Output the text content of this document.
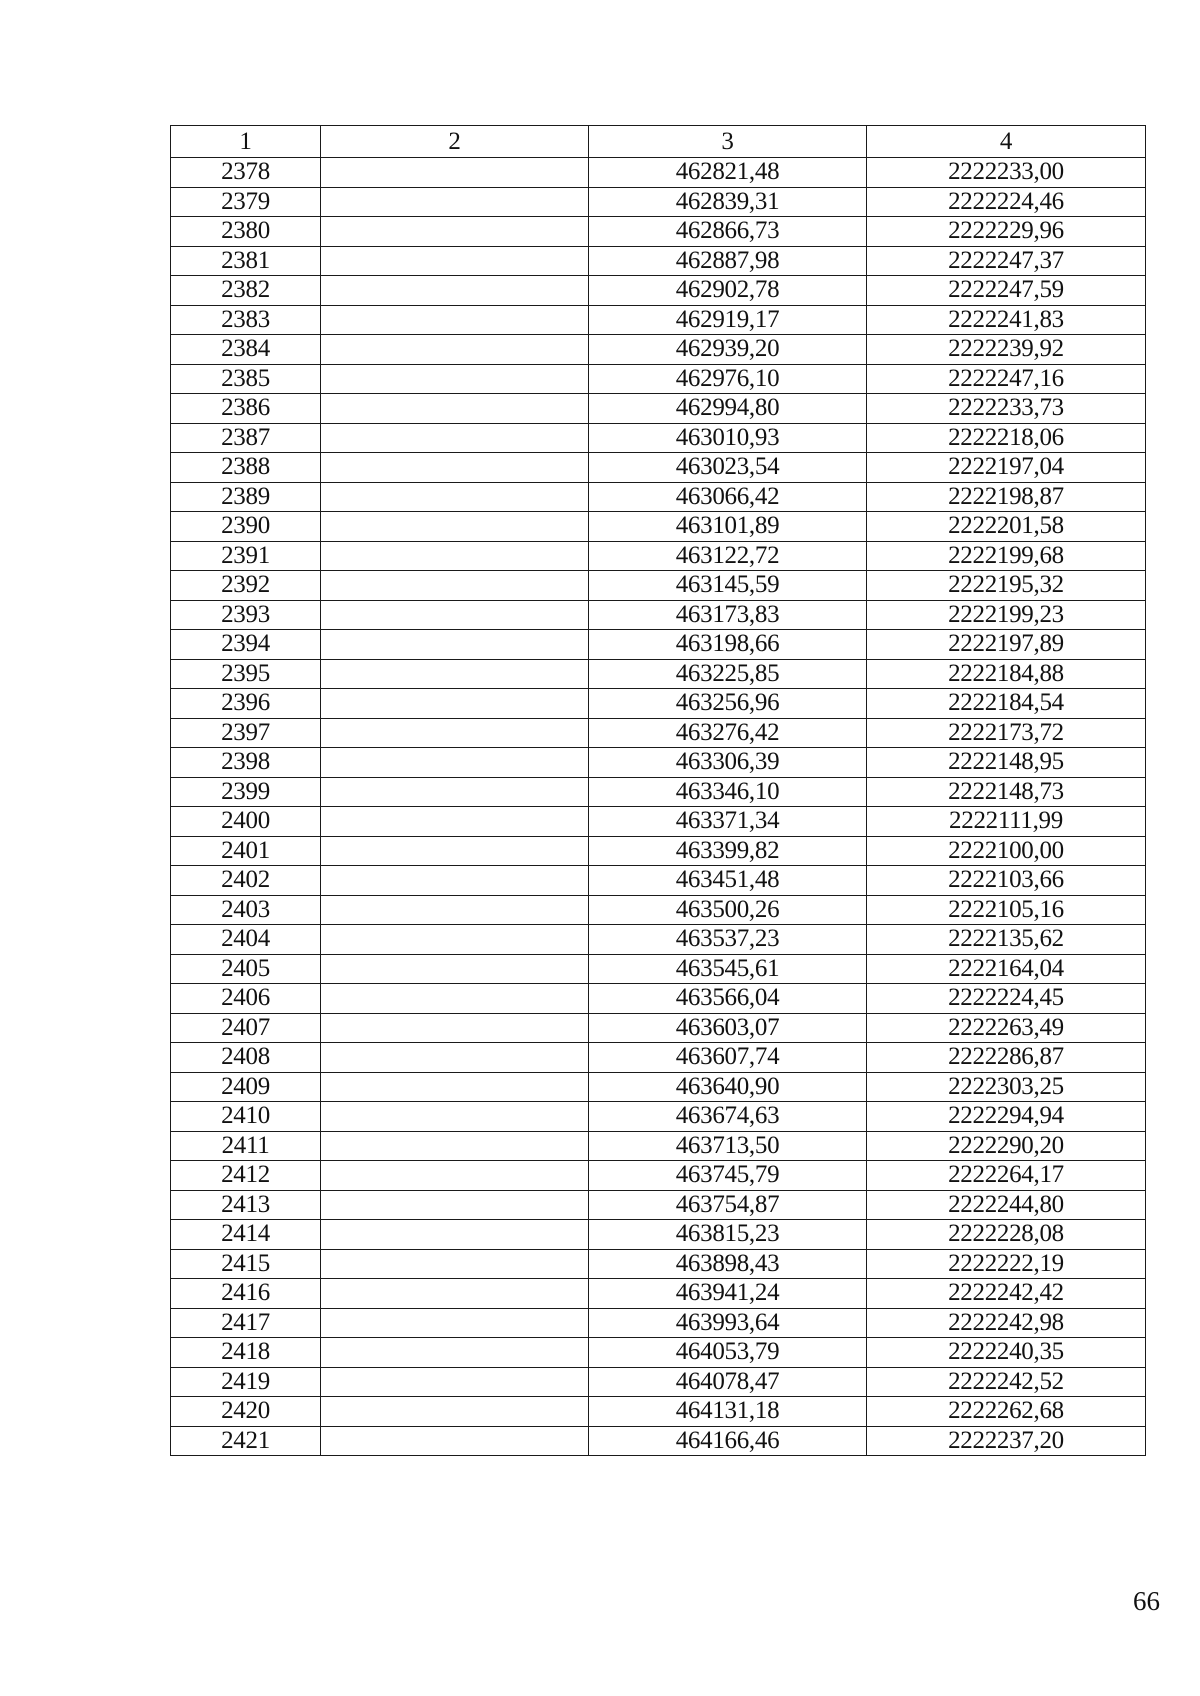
1	2	3	4
2378		462821,48	2222233,00
2379		462839,31	2222224,46
2380		462866,73	2222229,96
2381		462887,98	2222247,37
2382		462902,78	2222247,59
2383		462919,17	2222241,83
2384		462939,20	2222239,92
2385		462976,10	2222247,16
2386		462994,80	2222233,73
2387		463010,93	2222218,06
2388		463023,54	2222197,04
2389		463066,42	2222198,87
2390		463101,89	2222201,58
2391		463122,72	2222199,68
2392		463145,59	2222195,32
2393		463173,83	2222199,23
2394		463198,66	2222197,89
2395		463225,85	2222184,88
2396		463256,96	2222184,54
2397		463276,42	2222173,72
2398		463306,39	2222148,95
2399		463346,10	2222148,73
2400		463371,34	2222111,99
2401		463399,82	2222100,00
2402		463451,48	2222103,66
2403		463500,26	2222105,16
2404		463537,23	2222135,62
2405		463545,61	2222164,04
2406		463566,04	2222224,45
2407		463603,07	2222263,49
2408		463607,74	2222286,87
2409		463640,90	2222303,25
2410		463674,63	2222294,94
2411		463713,50	2222290,20
2412		463745,79	2222264,17
2413		463754,87	2222244,80
2414		463815,23	2222228,08
2415		463898,43	2222222,19
2416		463941,24	2222242,42
2417		463993,64	2222242,98
2418		464053,79	2222240,35
2419		464078,47	2222242,52
2420		464131,18	2222262,68
2421		464166,46	2222237,20
66
